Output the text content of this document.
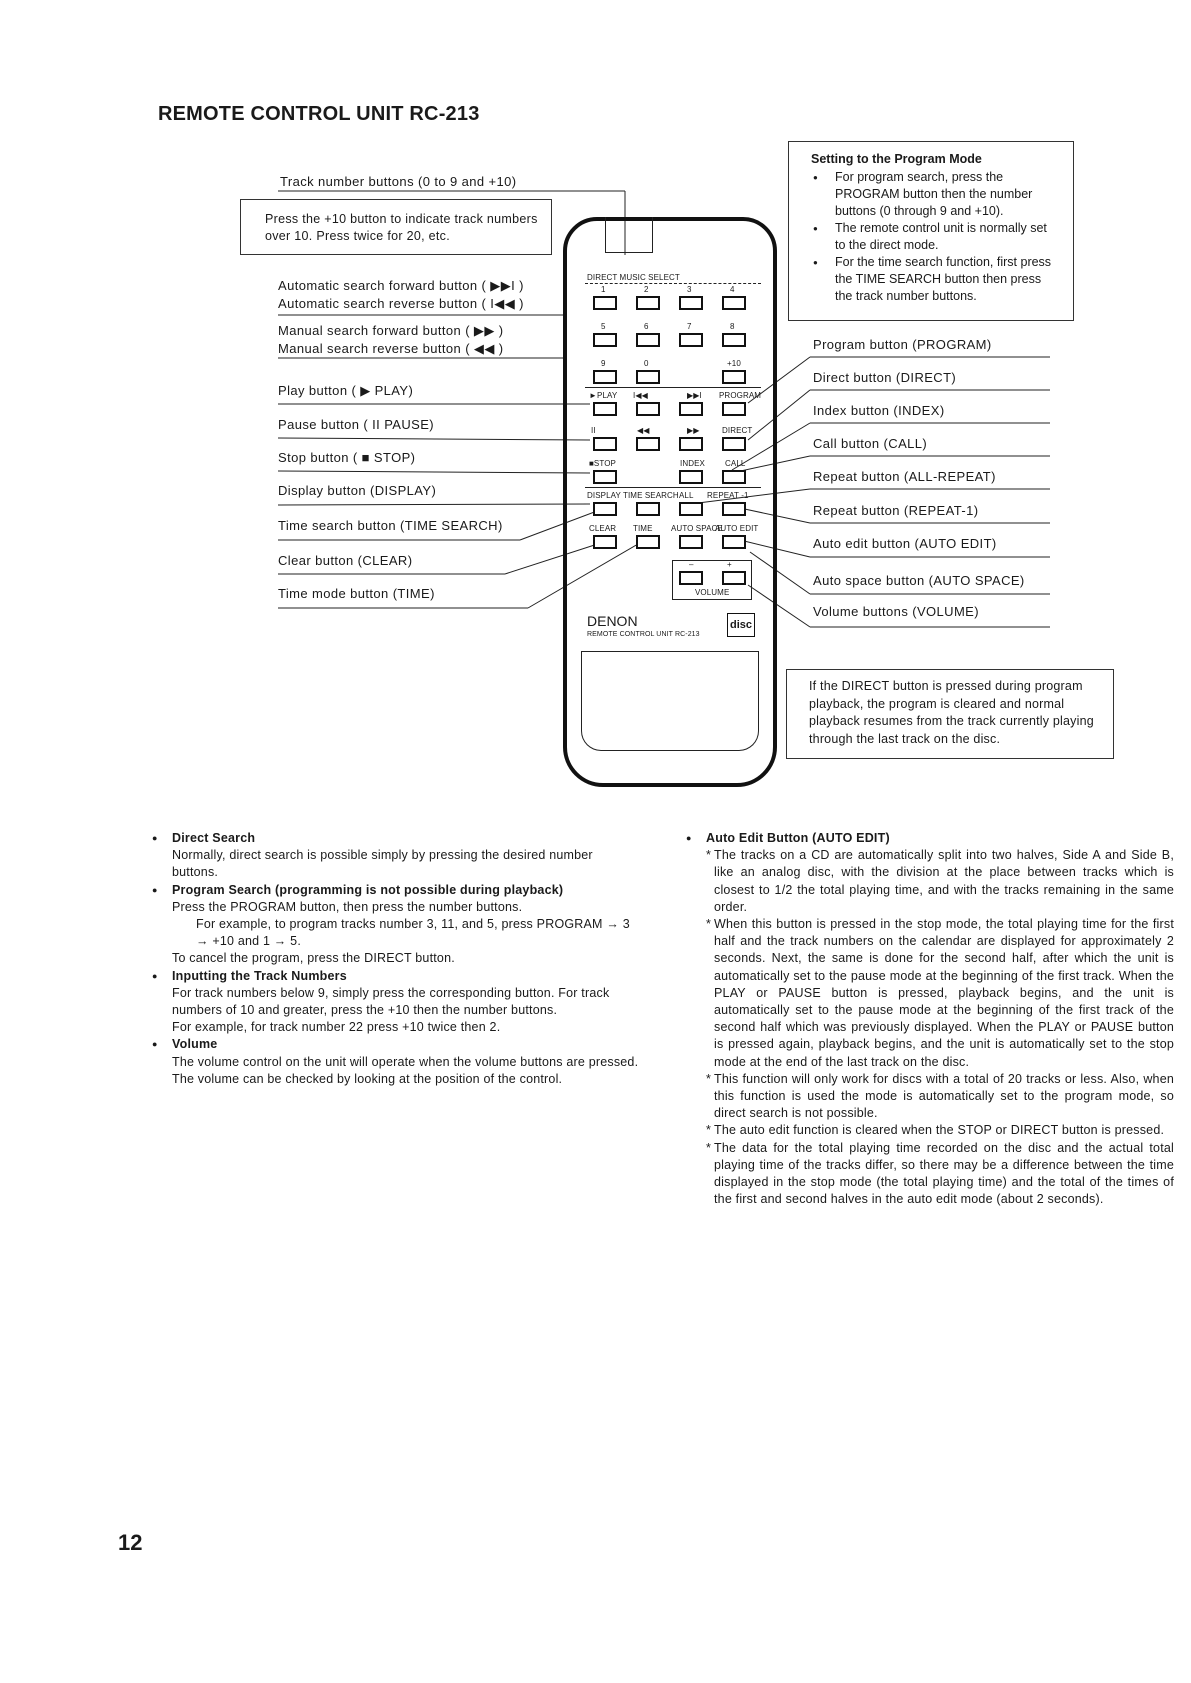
REMOTE CONTROL UNIT RC-213
Track number buttons (0 to 9 and +10)
Press the +10 button to indicate track numbers over 10. Press twice for 20, etc.
Automatic search forward button ( ▶▶I )
Automatic search reverse button ( I◀◀ )
Manual search forward button ( ▶▶ )
Manual search reverse button ( ◀◀ )
Play button ( ▶ PLAY)
Pause button ( II PAUSE)
Stop button ( ■ STOP)
Display button (DISPLAY)
Time search button (TIME SEARCH)
Clear button (CLEAR)
Time mode button (TIME)
Setting to the Program Mode
● For program search, press the PROGRAM button then the number buttons (0 through 9 and +10).
● The remote control unit is normally set to the direct mode.
● For the time search function, first press the TIME SEARCH button then press the track number buttons.
Program button (PROGRAM)
Direct button (DIRECT)
Index button (INDEX)
Call button (CALL)
Repeat button (ALL-REPEAT)
Repeat button (REPEAT-1)
Auto edit button (AUTO EDIT)
Auto space button (AUTO SPACE)
Volume buttons (VOLUME)
If the DIRECT button is pressed during program playback, the program is cleared and normal playback resumes from the track currently playing through the last track on the disc.
DIRECT MUSIC SELECT
1	2	3	4
5	6	7	8
9	0	+10
►PLAY I◀◀	▶▶I PROGRAM
II	◀◀	▶▶	DIRECT
■STOP	INDEX	CALL
DISPLAY TIME SEARCH ALL REPEAT -1
CLEAR TIME AUTO SPACE
AUTO EDIT
–	+
VOLUME
DENON
REMOTE CONTROL UNIT RC-213
disc
● Direct Search
Normally, direct search is possible simply by pressing the desired number buttons.
● Program Search (programming is not possible during playback)
Press the PROGRAM button, then press the number buttons.
For example, to program tracks number 3, 11, and 5, press PROGRAM → 3 → +10 and 1 → 5.
To cancel the program, press the DIRECT button.
● Inputting the Track Numbers
For track numbers below 9, simply press the corresponding button. For track numbers of 10 and greater, press the +10 then the number buttons.
For example, for track number 22 press +10 twice then 2.
● Volume
The volume control on the unit will operate when the volume buttons are pressed. The volume can be checked by looking at the position of the control.
● Auto Edit Button (AUTO EDIT)
* The tracks on a CD are automatically split into two halves, Side A and Side B, like an analog disc, with the division at the place between tracks which is closest to 1/2 the total playing time, and with the tracks remaining in the same order.
* When this button is pressed in the stop mode, the total playing time for the first half and the track numbers on the calendar are displayed for approximately 2 seconds. Next, the same is done for the second half, after which the unit is automatically set to the pause mode at the beginning of the first track. When the PLAY or PAUSE button is pressed, playback begins, and the unit is automatically set to the pause mode at the beginning of the first track of the second half which was previously displayed. When the PLAY or PAUSE button is pressed again, playback begins, and the unit is automatically set to the stop mode at the end of the last track on the disc.
* This function will only work for discs with a total of 20 tracks or less. Also, when this function is used the mode is automatically set to the program mode, so direct search is not possible.
* The auto edit function is cleared when the STOP or DIRECT button is pressed.
* The data for the total playing time recorded on the disc and the actual total playing time of the tracks differ, so there may be a difference between the time displayed in the stop mode (the total playing time) and the total of the times of the first and second halves in the auto edit mode (about 2 seconds).
12
